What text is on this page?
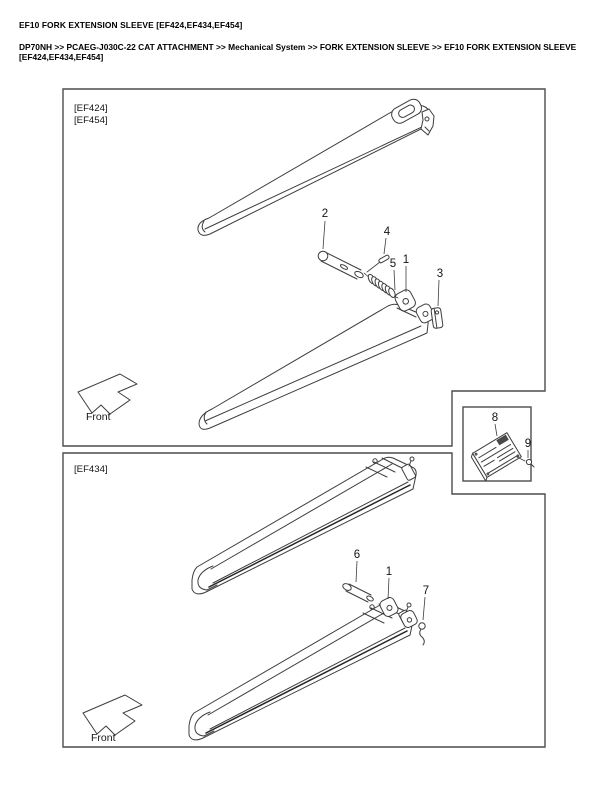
EF10 FORK EXTENSION SLEEVE [EF424,EF434,EF454]
DP70NH >> PCAEG-J030C-22 CAT ATTACHMENT >> Mechanical System >> FORK EXTENSION SLEEVE >> EF10 FORK EXTENSION SLEEVE [EF424,EF434,EF454]
[EF424]
[EF454]
2
4
5 1
3
Front	8
9
[EF434]
6
1
7
Front
